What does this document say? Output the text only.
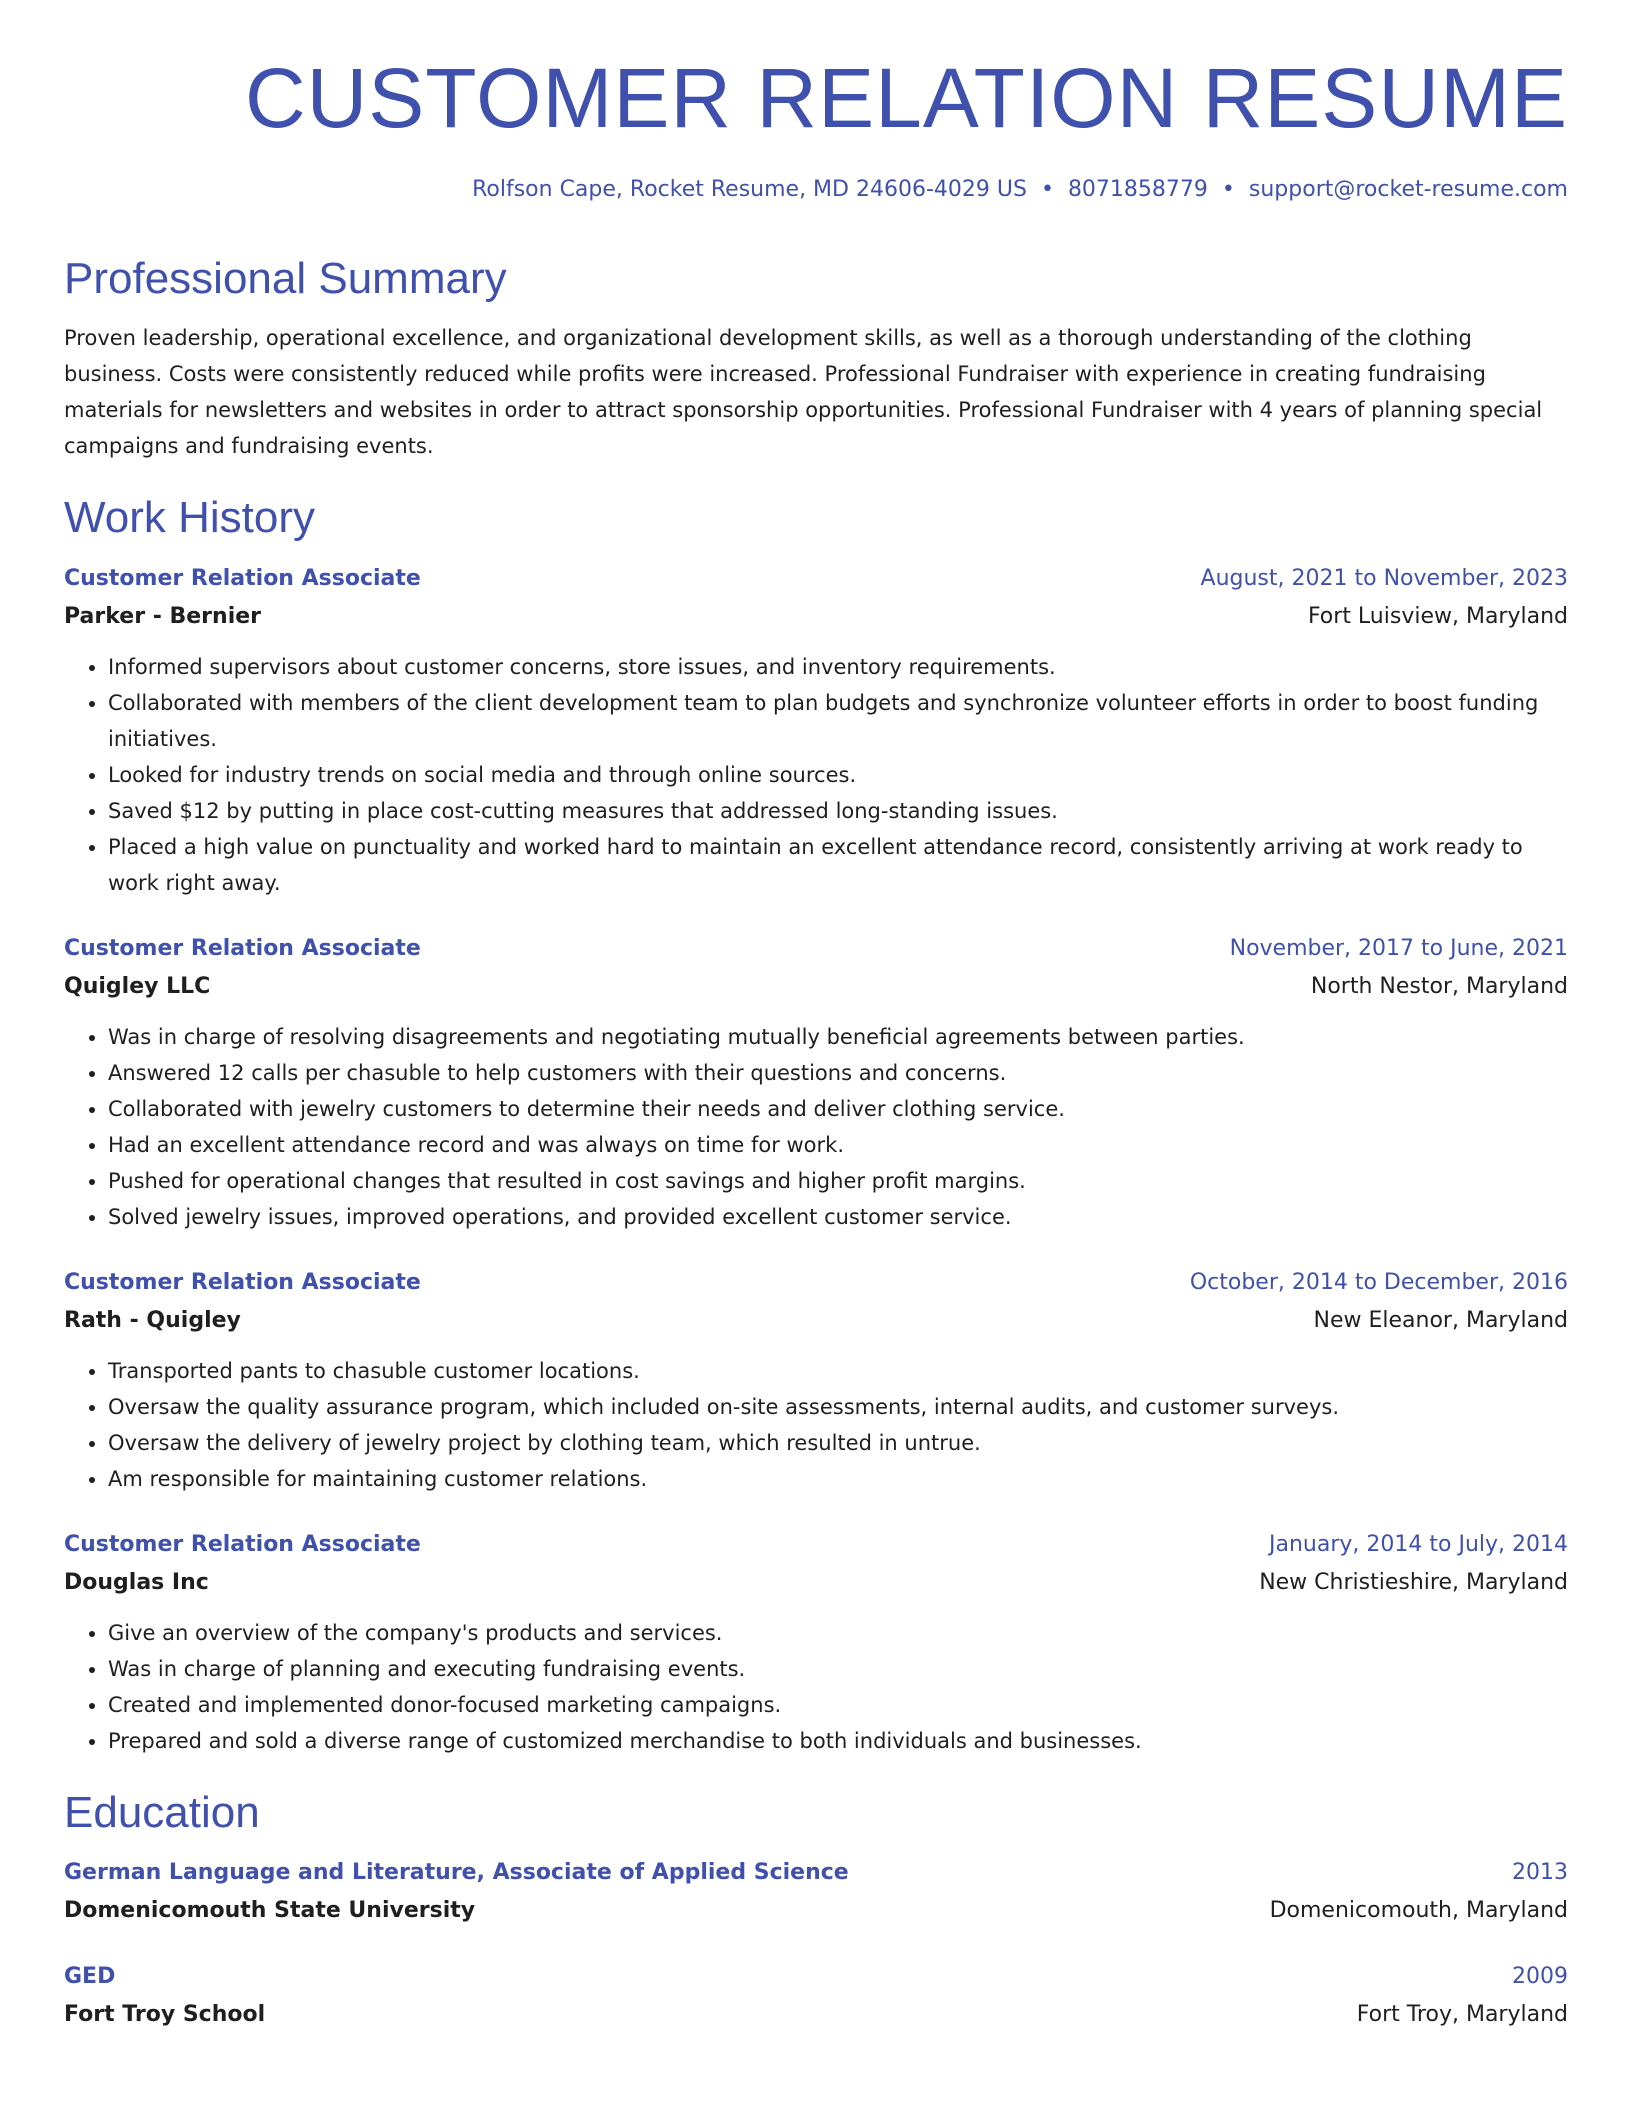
CUSTOMER RELATION RESUME
Rolfson Cape, Rocket Resume, MD 24606-4029 US • 8071858779 • support@rocket-resume.com
Professional Summary

Proven leadership, operational excellence, and organizational development skills, as well as a thorough understanding of the clothing business. Costs were consistently reduced while profits were increased. Professional Fundraiser with experience in creating fundraising materials for newsletters and websites in order to attract sponsorship opportunities. Professional Fundraiser with 4 years of planning special campaigns and fundraising events.

Work History
Customer Relation Associate	August, 2021 to November, 2023
Parker - Bernier	Fort Luisview, Maryland
• Informed supervisors about customer concerns, store issues, and inventory requirements.
• Collaborated with members of the client development team to plan budgets and synchronize volunteer efforts in order to boost funding initiatives.
• Looked for industry trends on social media and through online sources.
• Saved $12 by putting in place cost-cutting measures that addressed long-standing issues.
• Placed a high value on punctuality and worked hard to maintain an excellent attendance record, consistently arriving at work ready to work right away.
Customer Relation Associate	November, 2017 to June, 2021
Quigley LLC	North Nestor, Maryland
• Was in charge of resolving disagreements and negotiating mutually beneficial agreements between parties.
• Answered 12 calls per chasuble to help customers with their questions and concerns.
• Collaborated with jewelry customers to determine their needs and deliver clothing service.
• Had an excellent attendance record and was always on time for work.
• Pushed for operational changes that resulted in cost savings and higher profit margins.
• Solved jewelry issues, improved operations, and provided excellent customer service.
Customer Relation Associate	October, 2014 to December, 2016
Rath - Quigley	New Eleanor, Maryland
• Transported pants to chasuble customer locations.
• Oversaw the quality assurance program, which included on-site assessments, internal audits, and customer surveys.
• Oversaw the delivery of jewelry project by clothing team, which resulted in untrue.
• Am responsible for maintaining customer relations.
Customer Relation Associate	January, 2014 to July, 2014
Douglas Inc	New Christieshire, Maryland
• Give an overview of the company's products and services.
• Was in charge of planning and executing fundraising events.
• Created and implemented donor-focused marketing campaigns.
• Prepared and sold a diverse range of customized merchandise to both individuals and businesses.
Education
German Language and Literature, Associate of Applied Science	2013
Domenicomouth State University	Domenicomouth, Maryland
GED	2009
Fort Troy School	Fort Troy, Maryland
